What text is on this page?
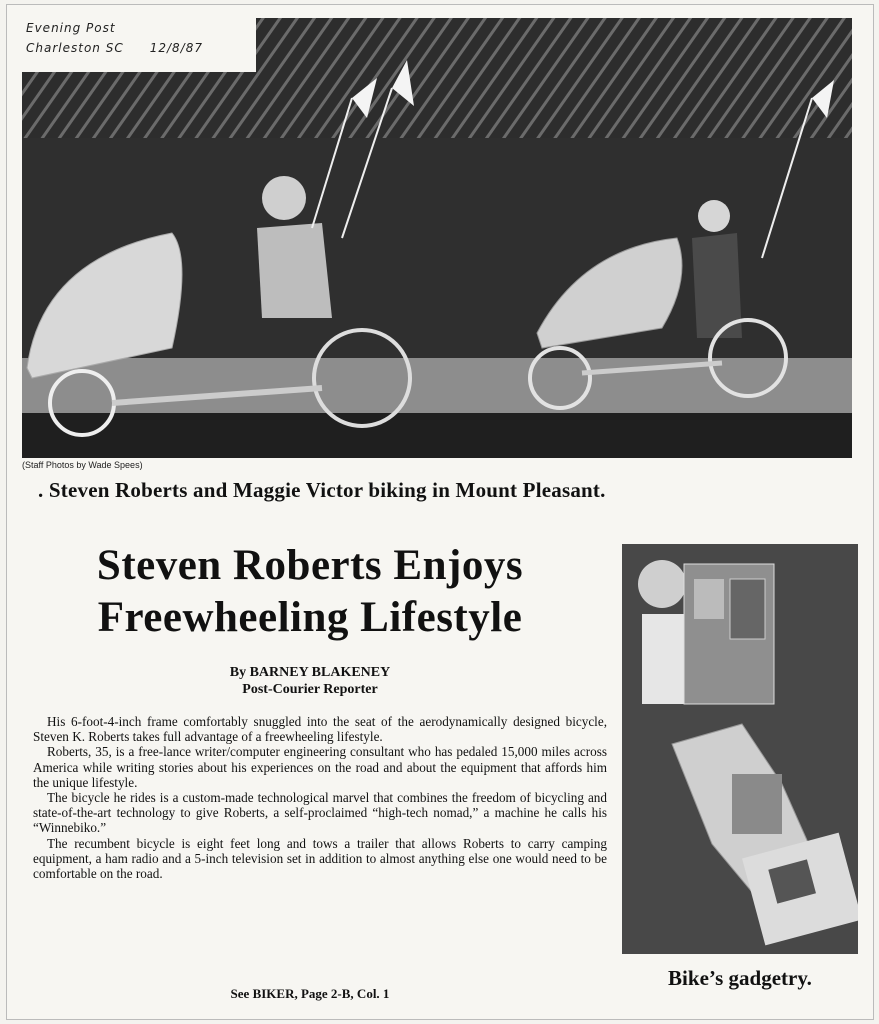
Evening Post
Charleston SC 12/8/87
(Staff Photos by Wade Spees)
. Steven Roberts and Maggie Victor biking in Mount Pleasant.
Steven Roberts Enjoys
Freewheeling Lifestyle
By BARNEY BLAKENEY
Post-Courier Reporter

His 6-foot-4-inch frame comfortably snuggled into the seat of the aerodynamically designed bicycle, Steven K. Roberts takes full advantage of a freewheeling lifestyle.

Roberts, 35, is a free-lance writer/computer engineering consultant who has pedaled 15,000 miles across America while writing stories about his experiences on the road and about the equipment that affords him the unique lifestyle.

The bicycle he rides is a custom-made technological marvel that combines the freedom of bicycling and state-of-the-art technology to give Roberts, a self-proclaimed “high-tech nomad,” a machine he calls his “Winnebiko.”

The recumbent bicycle is eight feet long and tows a trailer that allows Roberts to carry camping equipment, a ham radio and a 5-inch television set in addition to almost anything else one would need to be comfortable on the road.

See BIKER, Page 2-B, Col. 1
Bike’s gadgetry.
